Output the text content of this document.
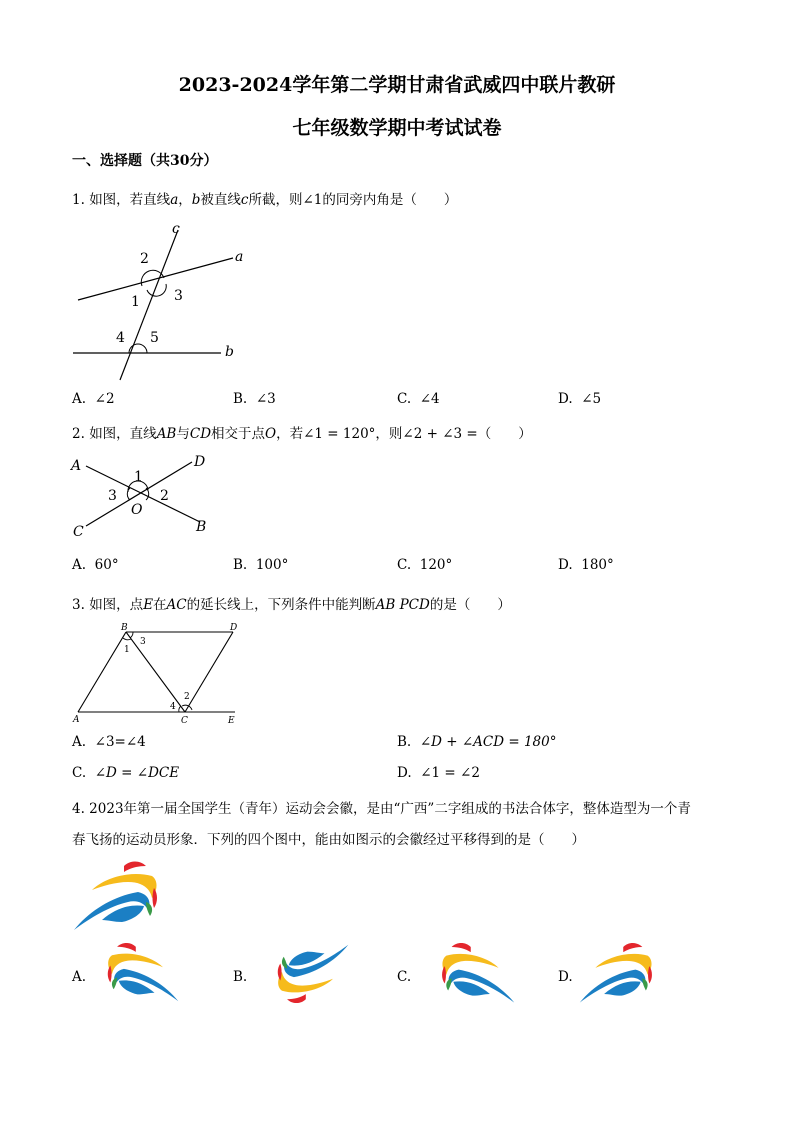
2023-2024学年第二学期甘肃省武威四中联片教研
七年级数学期中考试试卷
一、选择题（共30分）
1. 如图，若直线a，b被直线c所截，则∠1的同旁内角是（　　）
c
a
b
2
1 3
4 5
A. ∠2	B. ∠3	C. ∠4	D. ∠5
2. 如图，直线AB与CD相交于点O，若∠1 = 120°，则∠2 + ∠3 =（　　）
A	D
C	B
O
1
3	2
A. 60°	B. 100°	C. 120°	D. 180°
3. 如图，点E在AC的延长线上，下列条件中能判断AB PCD的是（　　）
B	D
A	C	E
1
3
4
2
A. ∠3=∠4	B. ∠D + ∠ACD = 180°
C. ∠D = ∠DCE	D. ∠1 = ∠2
4. 2023年第一届全国学生（青年）运动会会徽，是由“广西”二字组成的书法合体字，整体造型为一个青
春飞扬的运动员形象．下列的四个图中，能由如图示的会徽经过平移得到的是（　　）
A.	B.	C.	D.
